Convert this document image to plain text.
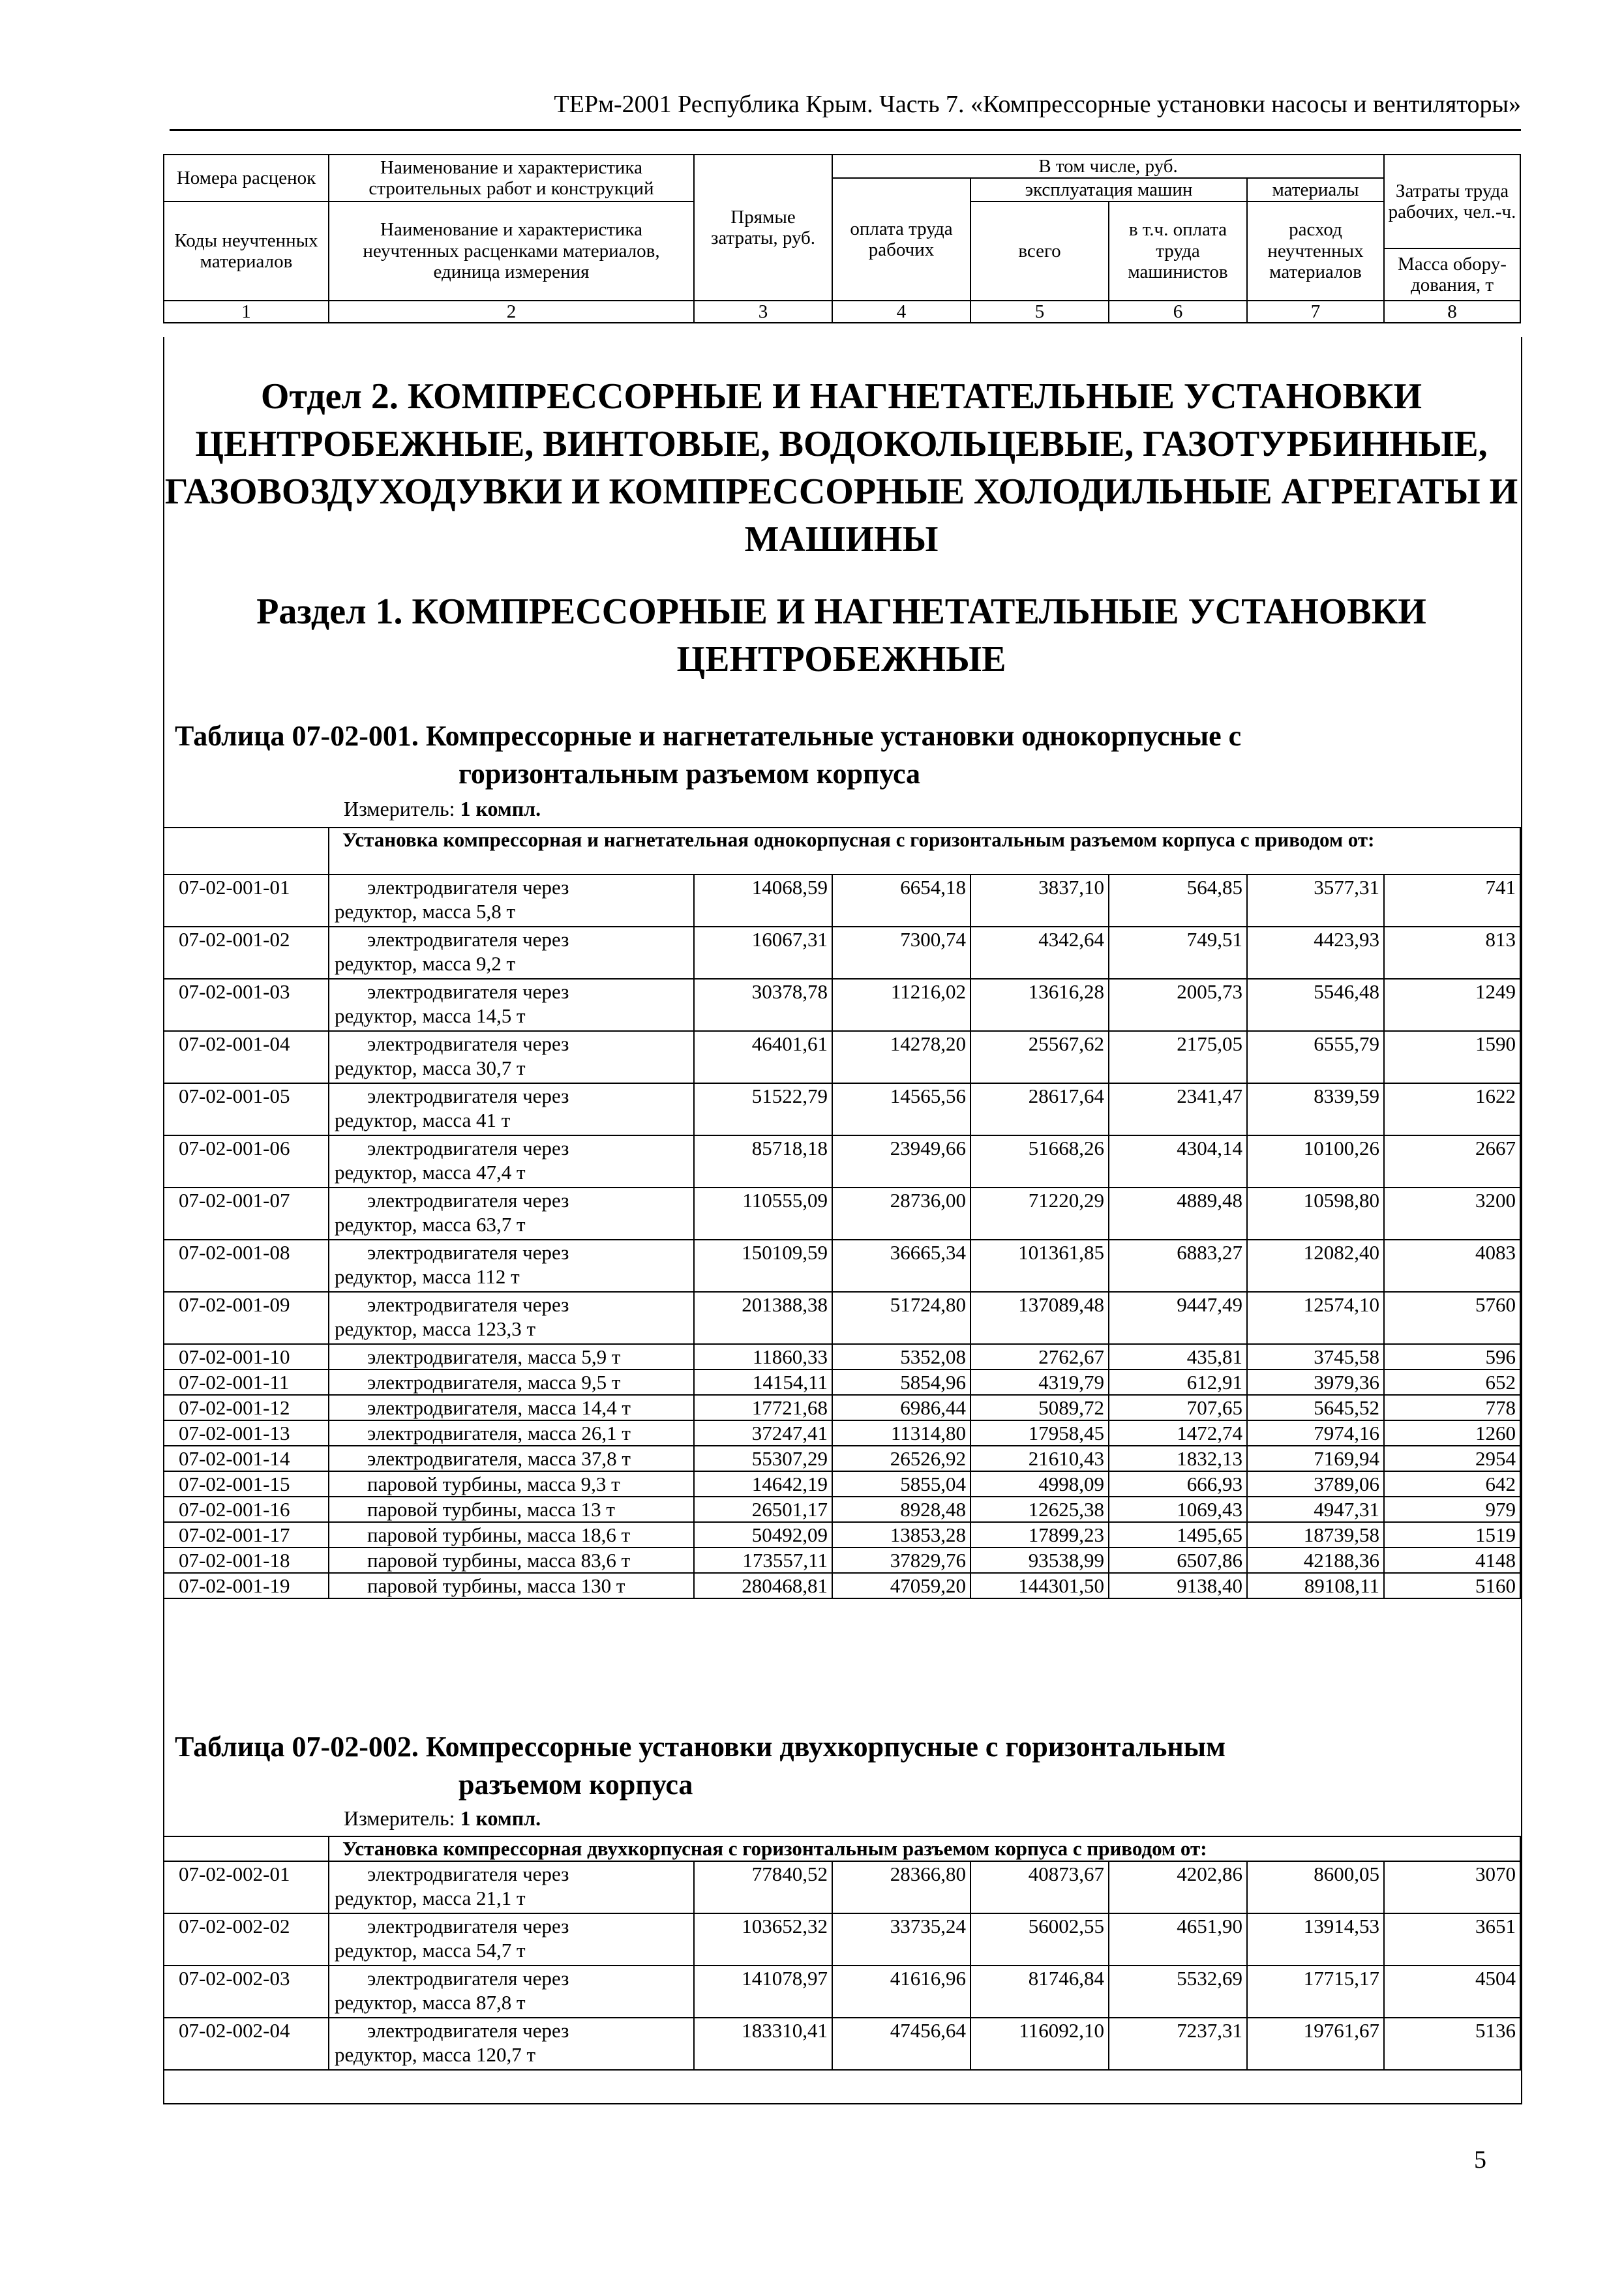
ТЕРм-2001 Республика Крым. Часть 7. «Компрессорные установки насосы и вентиляторы»
Номера расценок	Наименование и характеристика строительных работ и конструкций	Прямые затраты, руб.	В том числе, руб.				Затраты труда рабочих, чел.-ч.
			оплата труда рабочих	эксплуатация машин		материалы	
Коды неучтенных материалов	Наименование и характеристика неучтенных расценками материалов, единица измерения			всего	в т.ч. оплата труда машинистов	расход неучтенных материалов	
							Масса обору-дования, т
1	2	3	4	5	6	7	8
Отдел 2. КОМПРЕССОРНЫЕ И НАГНЕТАТЕЛЬНЫЕ УСТАНОВКИ ЦЕНТРОБЕЖНЫЕ, ВИНТОВЫЕ, ВОДОКОЛЬЦЕВЫЕ, ГАЗОТУРБИННЫЕ, ГАЗОВОЗДУХОДУВКИ И КОМПРЕССОРНЫЕ ХОЛОДИЛЬНЫЕ АГРЕГАТЫ И МАШИНЫ
Раздел 1. КОМПРЕССОРНЫЕ И НАГНЕТАТЕЛЬНЫЕ УСТАНОВКИ ЦЕНТРОБЕЖНЫЕ
Таблица 07-02-001. Компрессорные и нагнетательные установки однокорпусные с
горизонтальным разъемом корпуса
Измеритель: 1 компл.
	Установка компрессорная и нагнетательная однокорпусная с горизонтальным разъемом корпуса с приводом от:						
07-02-001-01	электродвигателя через
редуктор, масса 5,8 т	14068,59	6654,18	3837,10	564,85	3577,31	741
07-02-001-02	электродвигателя через
редуктор, масса 9,2 т	16067,31	7300,74	4342,64	749,51	4423,93	813
07-02-001-03	электродвигателя через
редуктор, масса 14,5 т	30378,78	11216,02	13616,28	2005,73	5546,48	1249
07-02-001-04	электродвигателя через
редуктор, масса 30,7 т	46401,61	14278,20	25567,62	2175,05	6555,79	1590
07-02-001-05	электродвигателя через
редуктор, масса 41 т	51522,79	14565,56	28617,64	2341,47	8339,59	1622
07-02-001-06	электродвигателя через
редуктор, масса 47,4 т	85718,18	23949,66	51668,26	4304,14	10100,26	2667
07-02-001-07	электродвигателя через
редуктор, масса 63,7 т	110555,09	28736,00	71220,29	4889,48	10598,80	3200
07-02-001-08	электродвигателя через
редуктор, масса 112 т	150109,59	36665,34	101361,85	6883,27	12082,40	4083
07-02-001-09	электродвигателя через
редуктор, масса 123,3 т	201388,38	51724,80	137089,48	9447,49	12574,10	5760
07-02-001-10	электродвигателя, масса 5,9 т	11860,33	5352,08	2762,67	435,81	3745,58	596
07-02-001-11	электродвигателя, масса 9,5 т	14154,11	5854,96	4319,79	612,91	3979,36	652
07-02-001-12	электродвигателя, масса 14,4 т	17721,68	6986,44	5089,72	707,65	5645,52	778
07-02-001-13	электродвигателя, масса 26,1 т	37247,41	11314,80	17958,45	1472,74	7974,16	1260
07-02-001-14	электродвигателя, масса 37,8 т	55307,29	26526,92	21610,43	1832,13	7169,94	2954
07-02-001-15	паровой турбины, масса 9,3 т	14642,19	5855,04	4998,09	666,93	3789,06	642
07-02-001-16	паровой турбины, масса 13 т	26501,17	8928,48	12625,38	1069,43	4947,31	979
07-02-001-17	паровой турбины, масса 18,6 т	50492,09	13853,28	17899,23	1495,65	18739,58	1519
07-02-001-18	паровой турбины, масса 83,6 т	173557,11	37829,76	93538,99	6507,86	42188,36	4148
07-02-001-19	паровой турбины, масса 130 т	280468,81	47059,20	144301,50	9138,40	89108,11	5160
Таблица 07-02-002. Компрессорные установки двухкорпусные с горизонтальным
разъемом корпуса
Измеритель: 1 компл.
	Установка компрессорная двухкорпусная с горизонтальным разъемом корпуса с приводом от:						
07-02-002-01	электродвигателя через
редуктор, масса 21,1 т	77840,52	28366,80	40873,67	4202,86	8600,05	3070
07-02-002-02	электродвигателя через
редуктор, масса 54,7 т	103652,32	33735,24	56002,55	4651,90	13914,53	3651
07-02-002-03	электродвигателя через
редуктор, масса 87,8 т	141078,97	41616,96	81746,84	5532,69	17715,17	4504
07-02-002-04	электродвигателя через
редуктор, масса 120,7 т	183310,41	47456,64	116092,10	7237,31	19761,67	5136
5
